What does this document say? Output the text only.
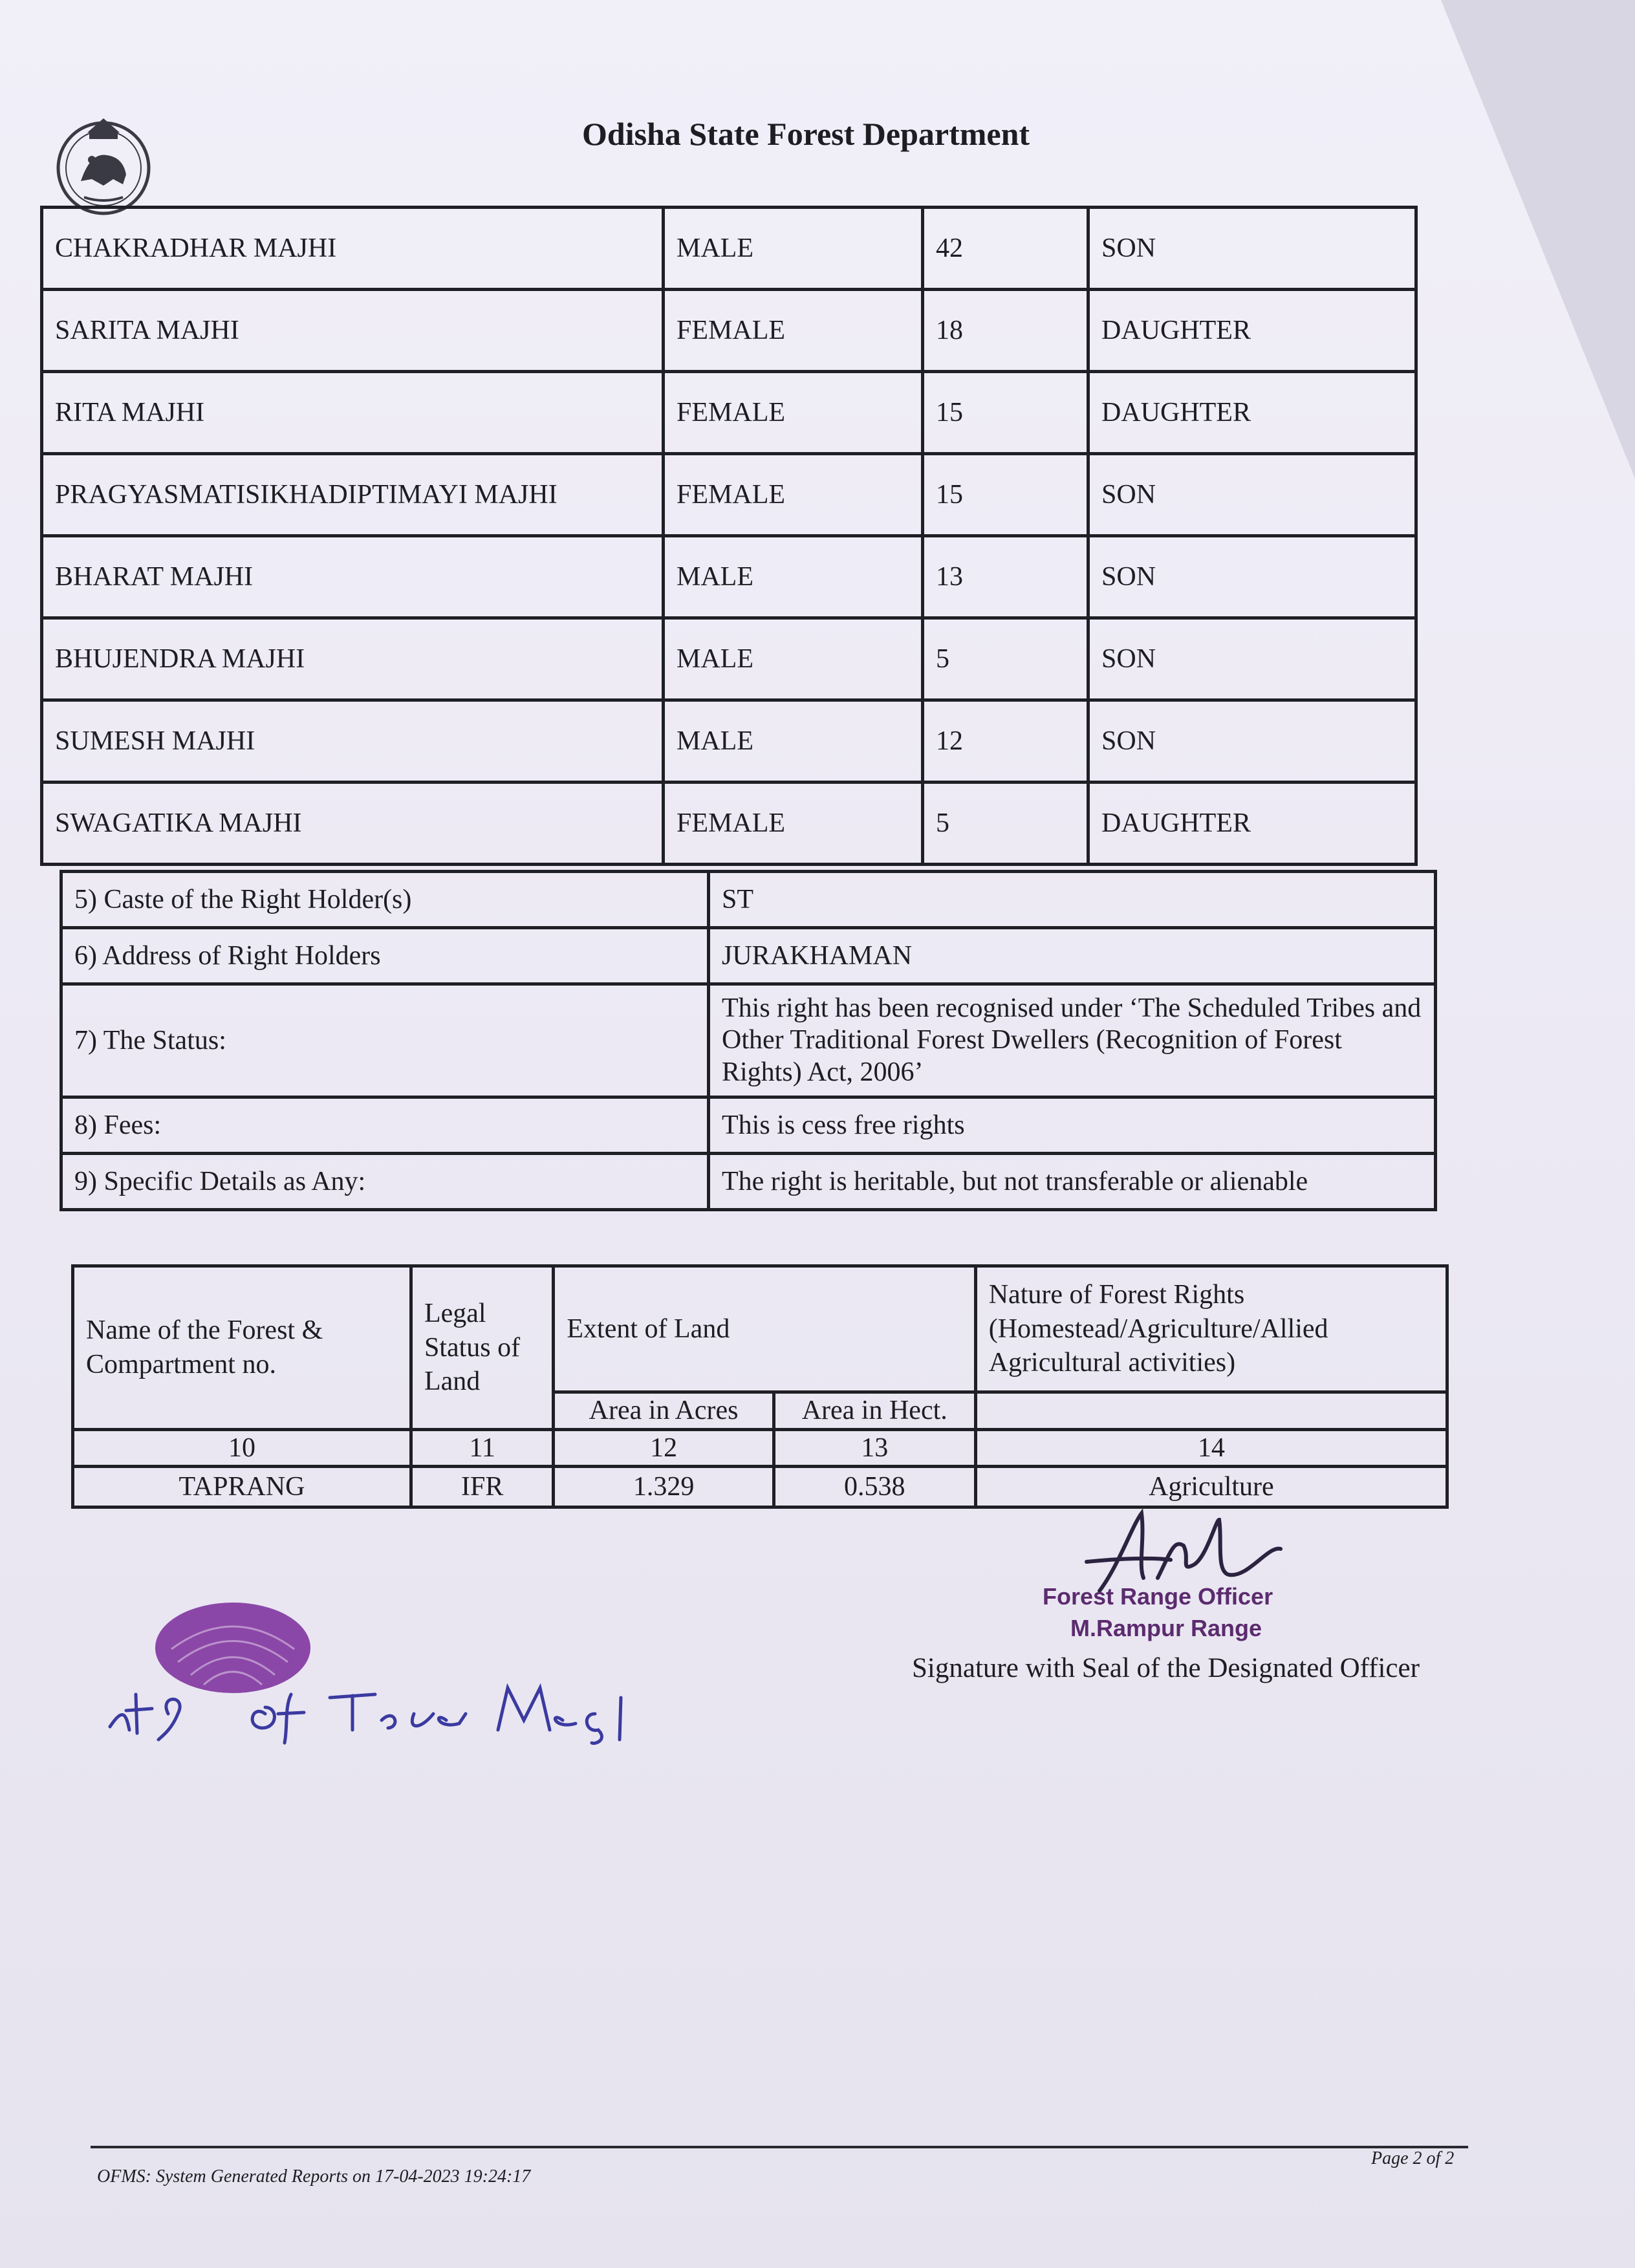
Odisha State Forest Department
CHAKRADHAR MAJHI	MALE	42	SON
SARITA MAJHI	FEMALE	18	DAUGHTER
RITA MAJHI	FEMALE	15	DAUGHTER
PRAGYASMATISIKHADIPTIMAYI MAJHI	FEMALE	15	SON
BHARAT MAJHI	MALE	13	SON
BHUJENDRA MAJHI	MALE	5	SON
SUMESH MAJHI	MALE	12	SON
SWAGATIKA MAJHI	FEMALE	5	DAUGHTER
5) Caste of the Right Holder(s)	ST
6) Address of Right Holders	JURAKHAMAN
7) The Status:	This right has been recognised under ‘The Scheduled Tribes and Other Traditional Forest Dwellers (Recognition of Forest Rights) Act, 2006’
8) Fees:	This is cess free rights
9) Specific Details as Any:	The right is heritable, but not transferable or alienable
Name of the Forest & Compartment no.	Legal Status of Land	Extent of Land		Nature of Forest Rights (Homestead/Agriculture/Allied Agricultural activities)
		Area in Acres	Area in Hect.	
10	11	12	13	14
TAPRANG	IFR	1.329	0.538	Agriculture
Forest Range Officer
M.Rampur Range
Signature with Seal of the Designated Officer
OFMS: System Generated Reports on 17-04-2023 19:24:17
Page 2 of 2
